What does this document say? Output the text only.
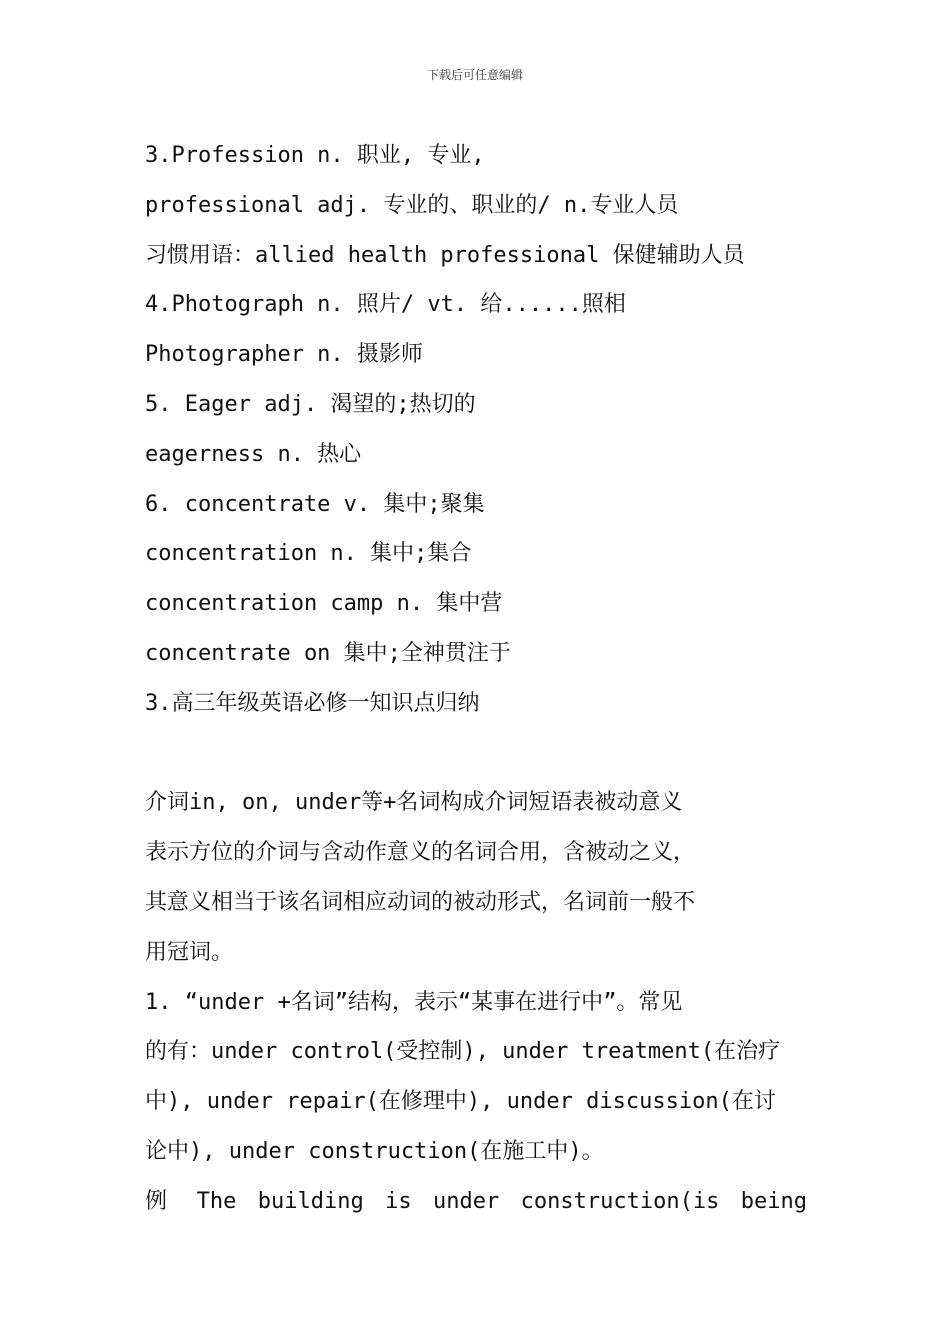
下载后可任意编辑
3.Profession n. 职业, 专业,
professional adj. 专业的、职业的/ n.专业人员
习惯用语：allied health professional 保健辅助人员
4.Photograph n. 照片/ vt. 给......照相
Photographer n. 摄影师
5. Eager adj. 渴望的;热切的
eagerness n. 热心
6. concentrate v. 集中;聚集
concentration n. 集中;集合
concentration camp n. 集中营
concentrate on 集中;全神贯注于
3.高三年级英语必修一知识点归纳
介词in, on, under等+名词构成介词短语表被动意义
表示方位的介词与含动作意义的名词合用，含被动之义，
其意义相当于该名词相应动词的被动形式，名词前一般不
用冠词。
1. “under +名词”结构，表示“某事在进行中”。常见
的有：under control(受控制), under treatment(在治疗
中), under repair(在修理中), under discussion(在讨
论中), under construction(在施工中)。
例 The building is under construction(is being
